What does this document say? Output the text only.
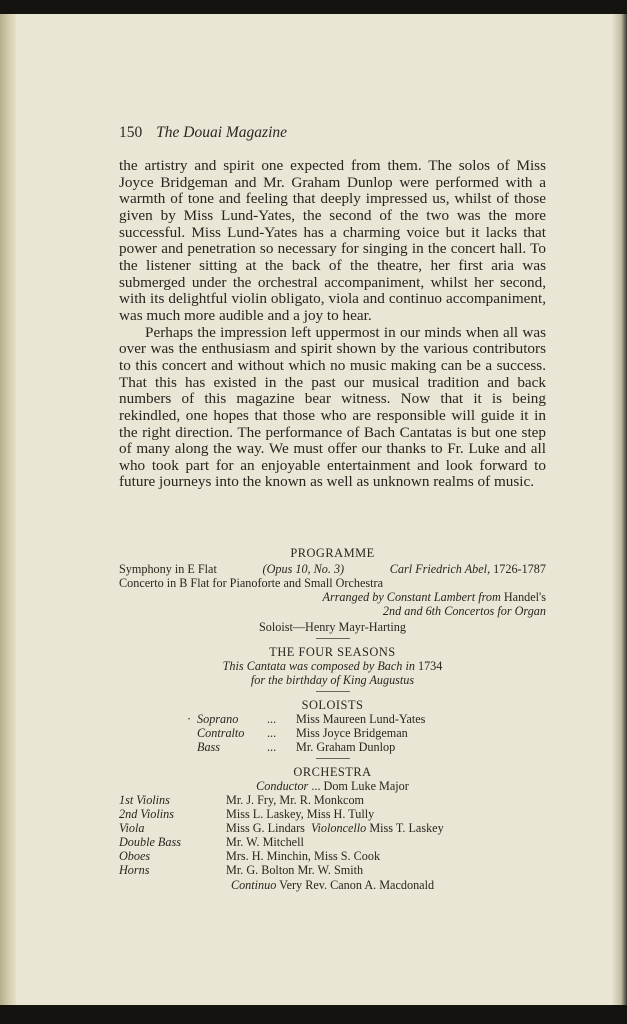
150 The Douai Magazine

the artistry and spirit one expected from them. The solos of Miss Joyce Bridgeman and Mr. Graham Dunlop were performed with a warmth of tone and feeling that deeply impressed us, whilst of those given by Miss Lund-Yates, the second of the two was the more successful. Miss Lund-Yates has a charming voice but it lacks that power and penetration so necessary for singing in the concert hall. To the listener sitting at the back of the theatre, her first aria was submerged under the orchestral accompaniment, whilst her second, with its delightful violin obligato, viola and continuo accompaniment, was much more audible and a joy to hear.

Perhaps the impression left uppermost in our minds when all was over was the enthusiasm and spirit shown by the various contributors to this concert and without which no music making can be a success. That this has existed in the past our musical tradition and back numbers of this magazine bear witness. Now that it is being rekindled, one hopes that those who are responsible will guide it in the right direction. The performance of Bach Cantatas is but one step of many along the way. We must offer our thanks to Fr. Luke and all who took part for an enjoyable entertainment and look forward to future journeys into the known as well as unknown realms of music.

PROGRAMME
Symphony in E Flat	(Opus 10, No. 3)	Carl Friedrich Abel, 1726-1787
Concerto in B Flat for Pianoforte and Small Orchestra
Arranged by Constant Lambert from Handel's
2nd and 6th Concertos for Organ
Soloist—Henry Mayr-Harting
THE FOUR SEASONS
This Cantata was composed by Bach in 1734
for the birthday of King Augustus
SOLOISTS
· Soprano ... Miss Maureen Lund-Yates
Contralto ... Miss Joyce Bridgeman
Bass	... Mr. Graham Dunlop
ORCHESTRA
Conductor ... Dom Luke Major
1st Violins	Mr. J. Fry, Mr. R. Monkcom
2nd Violins	Miss L. Laskey, Miss H. Tully
Viola	Miss G. Lindars Violoncello Miss T. Laskey
Double Bass	Mr. W. Mitchell
Oboes	Mrs. H. Minchin, Miss S. Cook
Horns	Mr. G. Bolton Mr. W. Smith
Continuo Very Rev. Canon A. Macdonald
